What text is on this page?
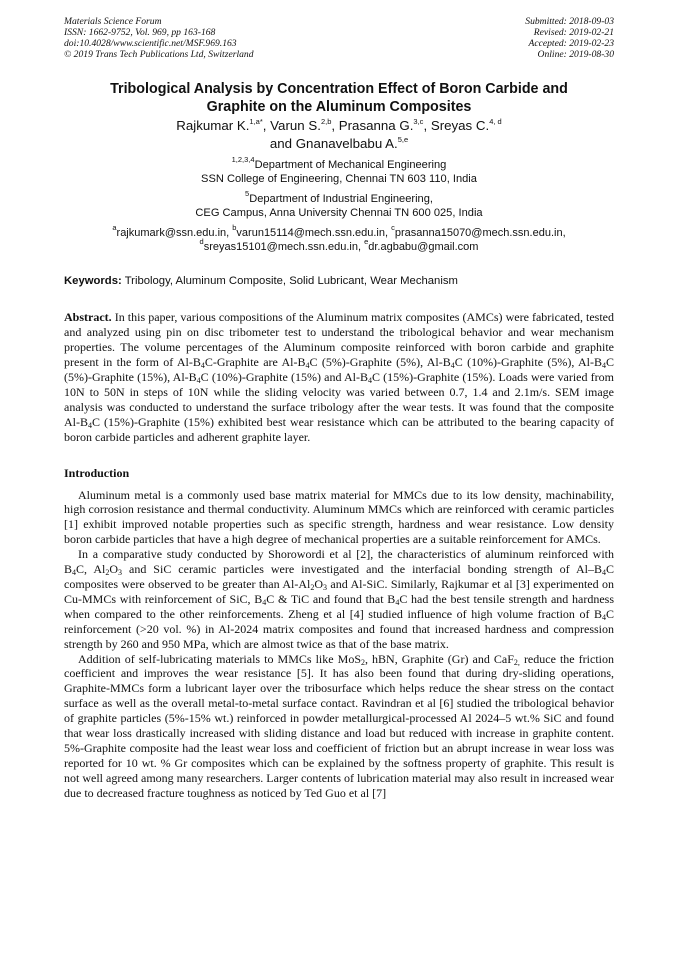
Materials Science Forum
ISSN: 1662-9752, Vol. 969, pp 163-168
doi:10.4028/www.scientific.net/MSF.969.163
© 2019 Trans Tech Publications Ltd, Switzerland
Submitted: 2018-09-03
Revised: 2019-02-21
Accepted: 2019-02-23
Online: 2019-08-30
Tribological Analysis by Concentration Effect of Boron Carbide and
Graphite on the Aluminum Composites
Rajkumar K.$^{1,a*}$, Varun S.$^{2,b}$, Prasanna G.$^{3,c}$, Sreyas C.$^{4, d}$
and Gnanavelbabu A.$^{5,e}$
$^{1,2,3,4}$Department of Mechanical Engineering
SSN College of Engineering, Chennai TN 603 110, India
$^5$Department of Industrial Engineering,
CEG Campus, Anna University Chennai TN 600 025, India
$^a$rajkumark@ssn.edu.in, $^b$varun15114@mech.ssn.edu.in, $^c$prasanna15070@mech.ssn.edu.in,
$^d$sreyas15101@mech.ssn.edu.in, $^e$dr.agbabu@gmail.com
Keywords: Tribology, Aluminum Composite, Solid Lubricant, Wear Mechanism
Abstract. In this paper, various compositions of the Aluminum matrix composites (AMCs) were fabricated, tested and analyzed using pin on disc tribometer test to understand the tribological behavior and wear mechanism properties. The volume percentages of the Aluminum composite reinforced with boron carbide and graphite present in the form of $Al-B_4C$-Graphite are $Al-B_4C$ (5%)-Graphite (5%), $Al-B_4C$ (10%)-Graphite (5%), $Al-B_4C$ (5%)-Graphite (15%), $Al-B_4C$ (10%)-Graphite (15%) and $Al-B_4C$ (15%)-Graphite (15%). Loads were varied from 10N to 50N in steps of 10N while the sliding velocity was varied between 0.7, 1.4 and 2.1m/s. SEM image analysis was conducted to understand the surface tribology after the wear tests. It was found that the composite $Al-B_4C$ (15%)-Graphite (15%) exhibited best wear resistance which can be attributed to the bearing capacity of boron carbide particles and adherent graphite layer.
Introduction

Aluminum metal is a commonly used base matrix material for MMCs due to its low density, machinability, high corrosion resistance and thermal conductivity. Aluminum MMCs which are reinforced with ceramic particles [1] exhibit improved notable properties such as specific strength, hardness and wear resistance. Low density boron carbide particles that have a high degree of mechanical properties are a suitable reinforcement for AMCs.

In a comparative study conducted by Shorowordi et al [2], the characteristics of aluminum reinforced with $B_4C$, $Al_2O_3$ and SiC ceramic particles were investigated and the interfacial bonding strength of $Al-B_4C$ composites were observed to be greater than $Al-Al_2O_3$ and Al-SiC. Similarly, Rajkumar et al [3] experimented on Cu-MMCs with reinforcement of SiC, $B_4C$ & TiC and found that $B_4C$ had the best tensile strength and hardness when compared to the other reinforcements. Zheng et al [4] studied influence of high volume fraction of $B_4C$ reinforcement (>20 vol. %) in Al-2024 matrix composites and found that increased hardness and compression strength by 260 and 950 MPa, which are almost twice as that of the base matrix.

Addition of self-lubricating materials to MMCs like MoS$_2$, hBN, Graphite (Gr) and CaF$_{2,}$ reduce the friction coefficient and improves the wear resistance [5]. It has also been found that during dry-sliding operations, Graphite-MMCs form a lubricant layer over the tribosurface which helps reduce the shear stress on the contact surface as well as the overall metal-to-metal surface contact. Ravindran et al [6] studied the tribological behavior of graphite particles (5%-15% wt.) reinforced in powder metallurgical-processed Al 2024–5 wt.% SiC and found that wear loss drastically increased with sliding distance and load but reduced with increase in graphite content. 5%-Graphite composite had the least wear loss and coefficient of friction but an abrupt increase in wear loss was reported for 10 wt. % Gr composites which can be explained by the softness property of graphite. This result is not well agreed among many researchers. Larger contents of lubrication material may also result in increased wear due to decreased fracture toughness as noticed by Ted Guo et al [7]
